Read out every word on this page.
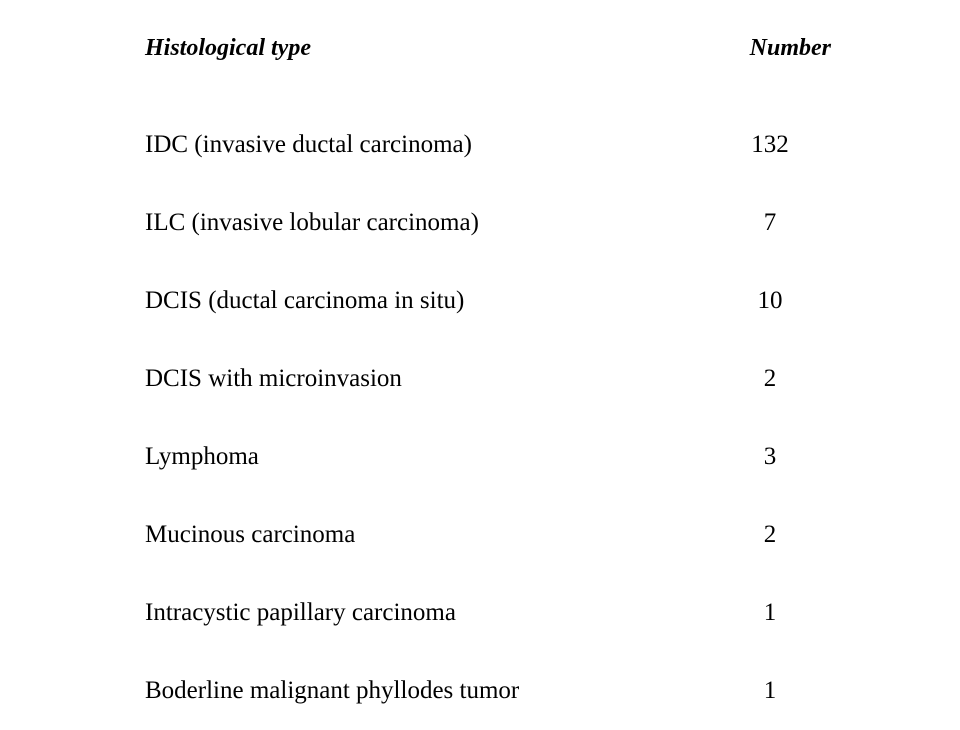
Histological type	Number
IDC (invasive ductal carcinoma)	132
ILC (invasive lobular carcinoma)	7
DCIS (ductal carcinoma in situ)	10
DCIS with microinvasion	2
Lymphoma	3
Mucinous carcinoma	2
Intracystic papillary carcinoma	1
Boderline malignant phyllodes tumor	1
